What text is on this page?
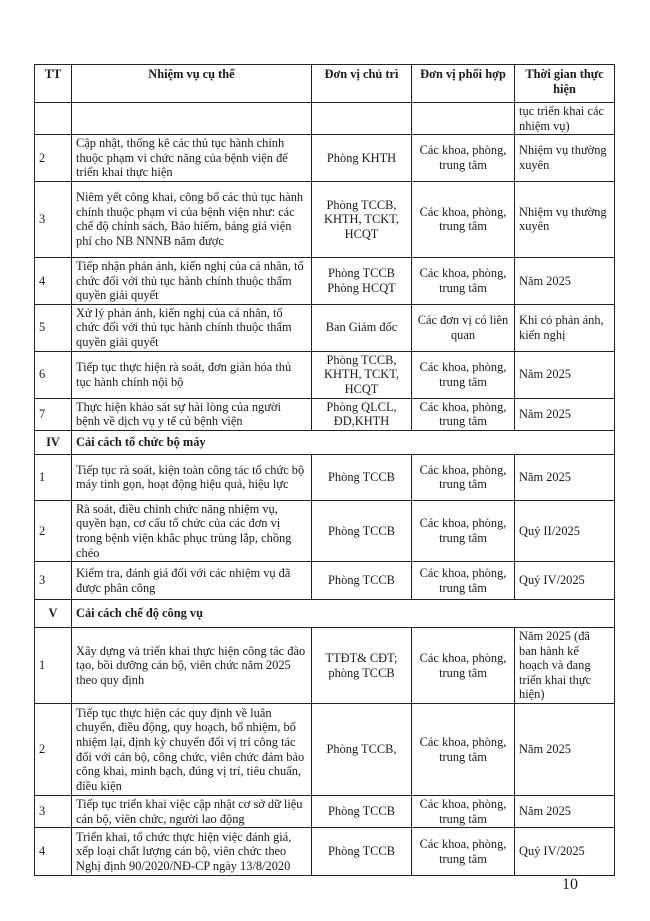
TT	Nhiệm vụ cụ thể	Đơn vị chủ trì	Đơn vị phối hợp	Thời gian thực hiện
				tục triển khai các nhiệm vụ)
2	Cập nhật, thống kê các thủ tục hành chính thuộc phạm vi chức năng của bệnh viện để triển khai thực hiện	Phòng KHTH	Các khoa, phòng, trung tâm	Nhiệm vụ thường xuyên
3	Niêm yết công khai, công bố các thủ tục hành chính thuộc phạm vi của bệnh viện như: các chế độ chính sách, Bảo hiểm, bảng giá viện phí cho NB NNNB năm được	Phòng TCCB, KHTH, TCKT, HCQT	Các khoa, phòng, trung tâm	Nhiệm vụ thường xuyên
4	Tiếp nhận phản ánh, kiến nghị của cá nhân, tổ chức đối với thủ tục hành chính thuộc thẩm quyền giải quyết	Phòng TCCB Phòng HCQT	Các khoa, phòng, trung tâm	Năm 2025
5	Xử lý phản ánh, kiến nghị của cá nhân, tổ chức đối với thủ tục hành chính thuộc thẩm quyền giải quyết	Ban Giám đốc	Các đơn vị có liên quan	Khi có phản ánh, kiến nghị
6	Tiếp tục thực hiện rà soát, đơn giản hóa thủ tục hành chính nội bộ	Phòng TCCB, KHTH, TCKT, HCQT	Các khoa, phòng, trung tâm	Năm 2025
7	Thực hiện khảo sát sự hài lòng của người bệnh về dịch vụ y tế củ bệnh viện	Phòng QLCL, ĐD,KHTH	Các khoa, phòng, trung tâm	Năm 2025
IV	Cải cách tổ chức bộ máy			
1	Tiếp tục rà soát, kiện toàn công tác tổ chức bộ máy tinh gọn, hoạt động hiệu quả, hiệu lực	Phòng TCCB	Các khoa, phòng, trung tâm	Năm 2025
2	Rà soát, điều chỉnh chức năng nhiệm vụ, quyền hạn, cơ cấu tổ chức của các đơn vị trong bệnh viện khắc phục trùng lắp, chồng chéo	Phòng TCCB	Các khoa, phòng, trung tâm	Quý II/2025
3	Kiểm tra, đánh giá đối với các nhiệm vụ đã được phân công	Phòng TCCB	Các khoa, phòng, trung tâm	Quý IV/2025
V	Cải cách chế độ công vụ			
1	Xây dựng và triển khai thực hiện công tác đào tạo, bồi dưỡng cán bộ, viên chức năm 2025 theo quy định	TTĐT& CĐT; phòng TCCB	Các khoa, phòng, trung tâm	Năm 2025 (đã ban hành kế hoạch và đang triển khai thực hiện)
2	Tiếp tục thực hiện các quy định về luân chuyển, điều động, quy hoạch, bổ nhiệm, bổ nhiệm lại, định kỳ chuyển đổi vị trí công tác đối với cán bộ, công chức, viên chức đảm bảo công khai, minh bạch, đúng vị trí, tiêu chuẩn, điều kiện	Phòng TCCB,	Các khoa, phòng, trung tâm	Năm 2025
3	Tiếp tục triển khai việc cập nhật cơ sở dữ liệu cán bộ, viên chức, người lao động	Phòng TCCB	Các khoa, phòng, trung tâm	Năm 2025
4	Triển khai, tổ chức thực hiện việc đánh giá, xếp loại chất lượng cán bộ, viên chức theo Nghị định 90/2020/NĐ-CP ngày 13/8/2020	Phòng TCCB	Các khoa, phòng, trung tâm	Quý IV/2025
10
